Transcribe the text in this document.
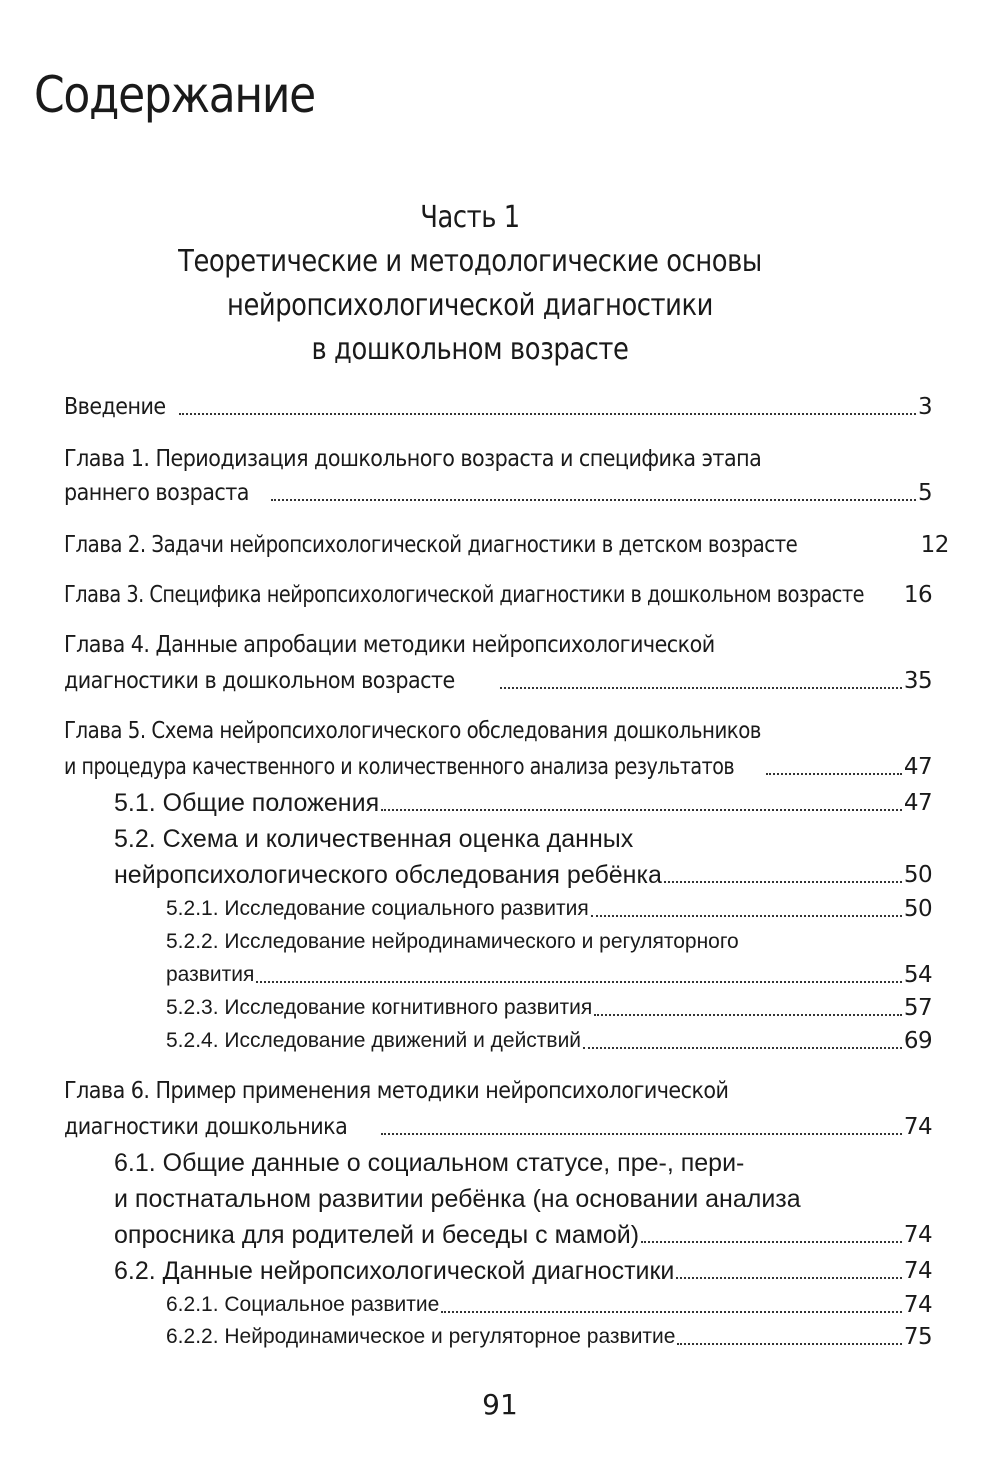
Содержание
Часть 1
Теоретические и методологические основы
нейропсихологической диагностики
в дошкольном возрасте
Введение	3
Глава 1. Периодизация дошкольного возраста и специфика этапа
раннего возраста	5
Глава 2. Задачи нейропсихологической диагностики в детском возрасте	12
Глава 3. Специфика нейропсихологической диагностики в дошкольном возрасте	16
Глава 4. Данные апробации методики нейропсихологической
диагностики в дошкольном возрасте	35
Глава 5. Схема нейропсихологического обследования дошкольников
и процедура качественного и количественного анализа результатов	47
5.1. Общие положения	47
5.2. Схема и количественная оценка данных
нейропсихологического обследования ребёнка	50
5.2.1. Исследование социального развития	50
5.2.2. Исследование нейродинамического и регуляторного
развития	54
5.2.3. Исследование когнитивного развития	57
5.2.4. Исследование движений и действий	69
Глава 6. Пример применения методики нейропсихологической
диагностики дошкольника	74
6.1. Общие данные о социальном статусе, пре-, пери-
и постнатальном развитии ребёнка (на основании анализа
опросника для родителей и беседы с мамой)	74
6.2. Данные нейропсихологической диагностики	74
6.2.1. Социальное развитие	74
6.2.2. Нейродинамическое и регуляторное развитие	75
91
